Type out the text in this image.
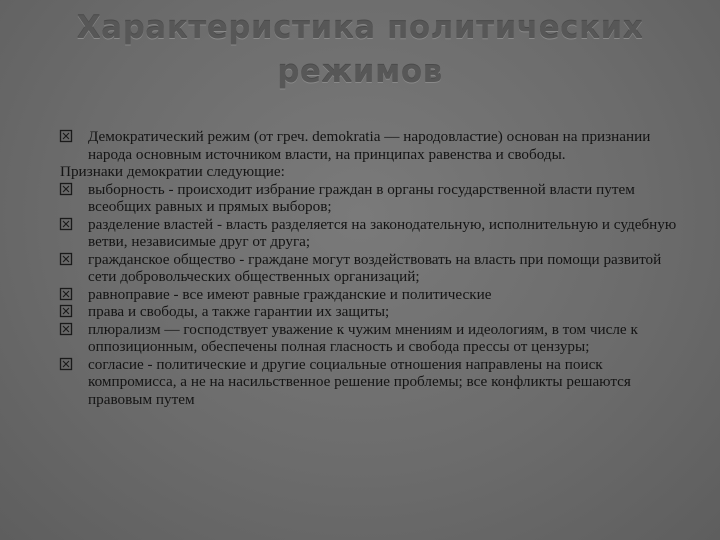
Характеристика политических
режимов

Демократический режим (от греч. demokratia — народовластие) основан на признании народа основным источником власти, на принципах равенства и свободы.

Признаки демократии следующие:

выборность - происходит избрание граждан в органы государственной власти путем всеобщих равных и прямых выборов;

разделение властей - власть разделяется на законодательную, исполнительную и судебную ветви, независимые друг от друга;

гражданское общество - граждане могут воздействовать на власть при помощи развитой сети добровольческих общественных организаций;

равноправие - все имеют равные гражданские и политические

права и свободы, а также гарантии их защиты;

плюрализм — господствует уважение к чужим мнениям и идеологиям, в том числе к оппозиционным, обеспечены полная гласность и свобода прессы от цензуры;

согласие - политические и другие социальные отношения направлены на поиск компромисса, а не на насильственное решение проблемы; все конфликты решаются правовым путем
